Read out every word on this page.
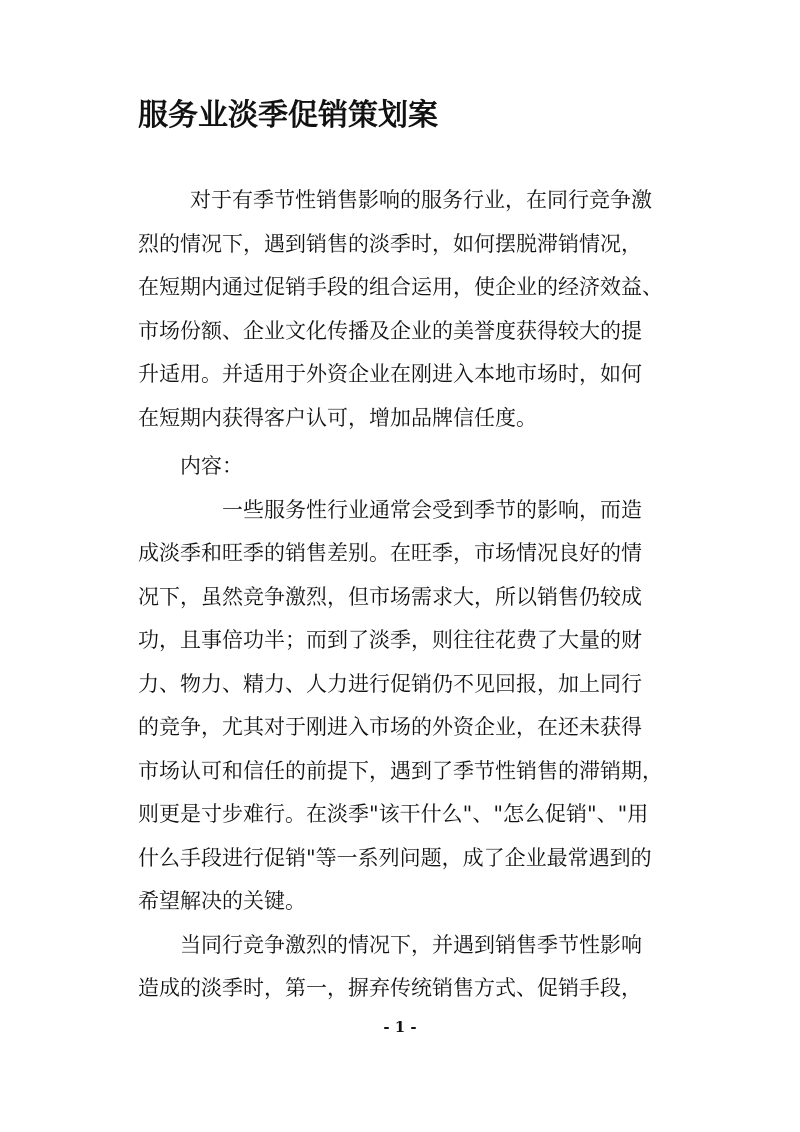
服务业淡季促销策划案

对于有季节性销售影响的服务行业，在同行竞争激

烈的情况下，遇到销售的淡季时，如何摆脱滞销情况，

在短期内通过促销手段的组合运用，使企业的经济效益、

市场份额、企业文化传播及企业的美誉度获得较大的提

升适用。并适用于外资企业在刚进入本地市场时，如何

在短期内获得客户认可，增加品牌信任度。

内容：

一些服务性行业通常会受到季节的影响，而造

成淡季和旺季的销售差别。在旺季，市场情况良好的情

况下，虽然竞争激烈，但市场需求大，所以销售仍较成

功，且事倍功半；而到了淡季，则往往花费了大量的财

力、物力、精力、人力进行促销仍不见回报，加上同行

的竞争，尤其对于刚进入市场的外资企业，在还未获得

市场认可和信任的前提下，遇到了季节性销售的滞销期，

则更是寸步难行。在淡季"该干什么"、"怎么促销"、"用

什么手段进行促销"等一系列问题，成了企业最常遇到的

希望解决的关键。

当同行竞争激烈的情况下，并遇到销售季节性影响

造成的淡季时，第一，摒弃传统销售方式、促销手段，

- 1 -
